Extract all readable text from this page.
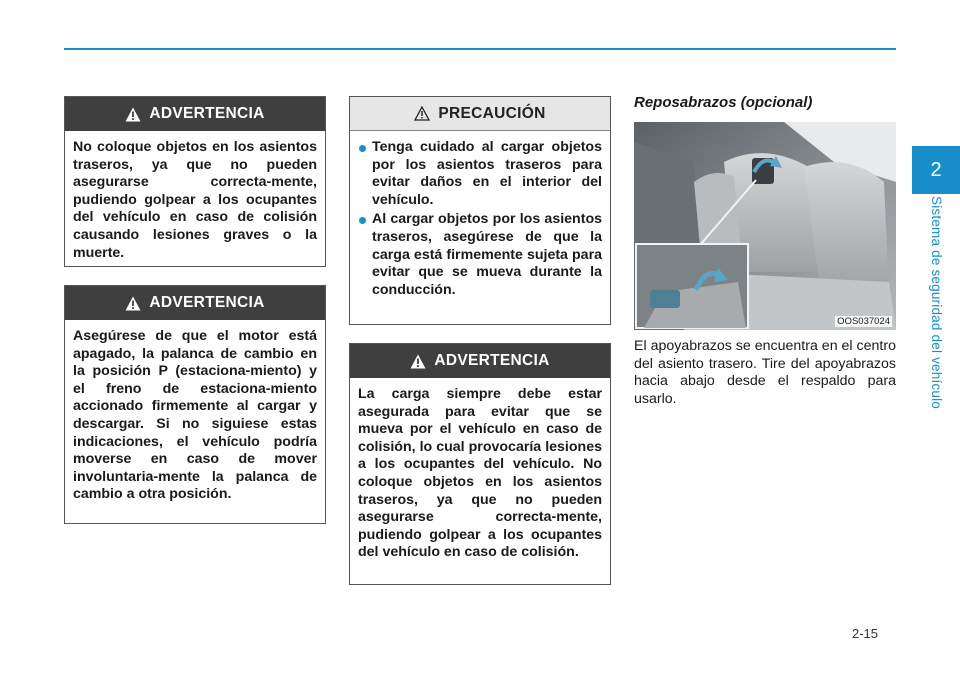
2
Sistema de seguridad del vehículo
ADVERTENCIA
No coloque objetos en los asientos traseros, ya que no pueden asegurarse correcta-mente, pudiendo golpear a los ocupantes del vehículo en caso de colisión causando lesiones graves o la muerte.
ADVERTENCIA
Asegúrese de que el motor está apagado, la palanca de cambio en la posición P (estaciona-miento) y el freno de estaciona-miento accionado firmemente al cargar y descargar. Si no siguiese estas indicaciones, el vehículo podría moverse en caso de mover involuntaria-mente la palanca de cambio a otra posición.
PRECAUCIÓN
Tenga cuidado al cargar objetos por los asientos traseros para evitar daños en el interior del vehículo.
Al cargar objetos por los asientos traseros, asegúrese de que la carga está firmemente sujeta para evitar que se mueva durante la conducción.
ADVERTENCIA
La carga siempre debe estar asegurada para evitar que se mueva por el vehículo en caso de colisión, lo cual provocaría lesiones a los ocupantes del vehículo. No coloque objetos en los asientos traseros, ya que no pueden asegurarse correcta-mente, pudiendo golpear a los ocupantes del vehículo en caso de colisión.
Reposabrazos (opcional)
OOS037024
El apoyabrazos se encuentra en el centro del asiento trasero. Tire del apoyabrazos hacia abajo desde el respaldo para usarlo.
2-15
